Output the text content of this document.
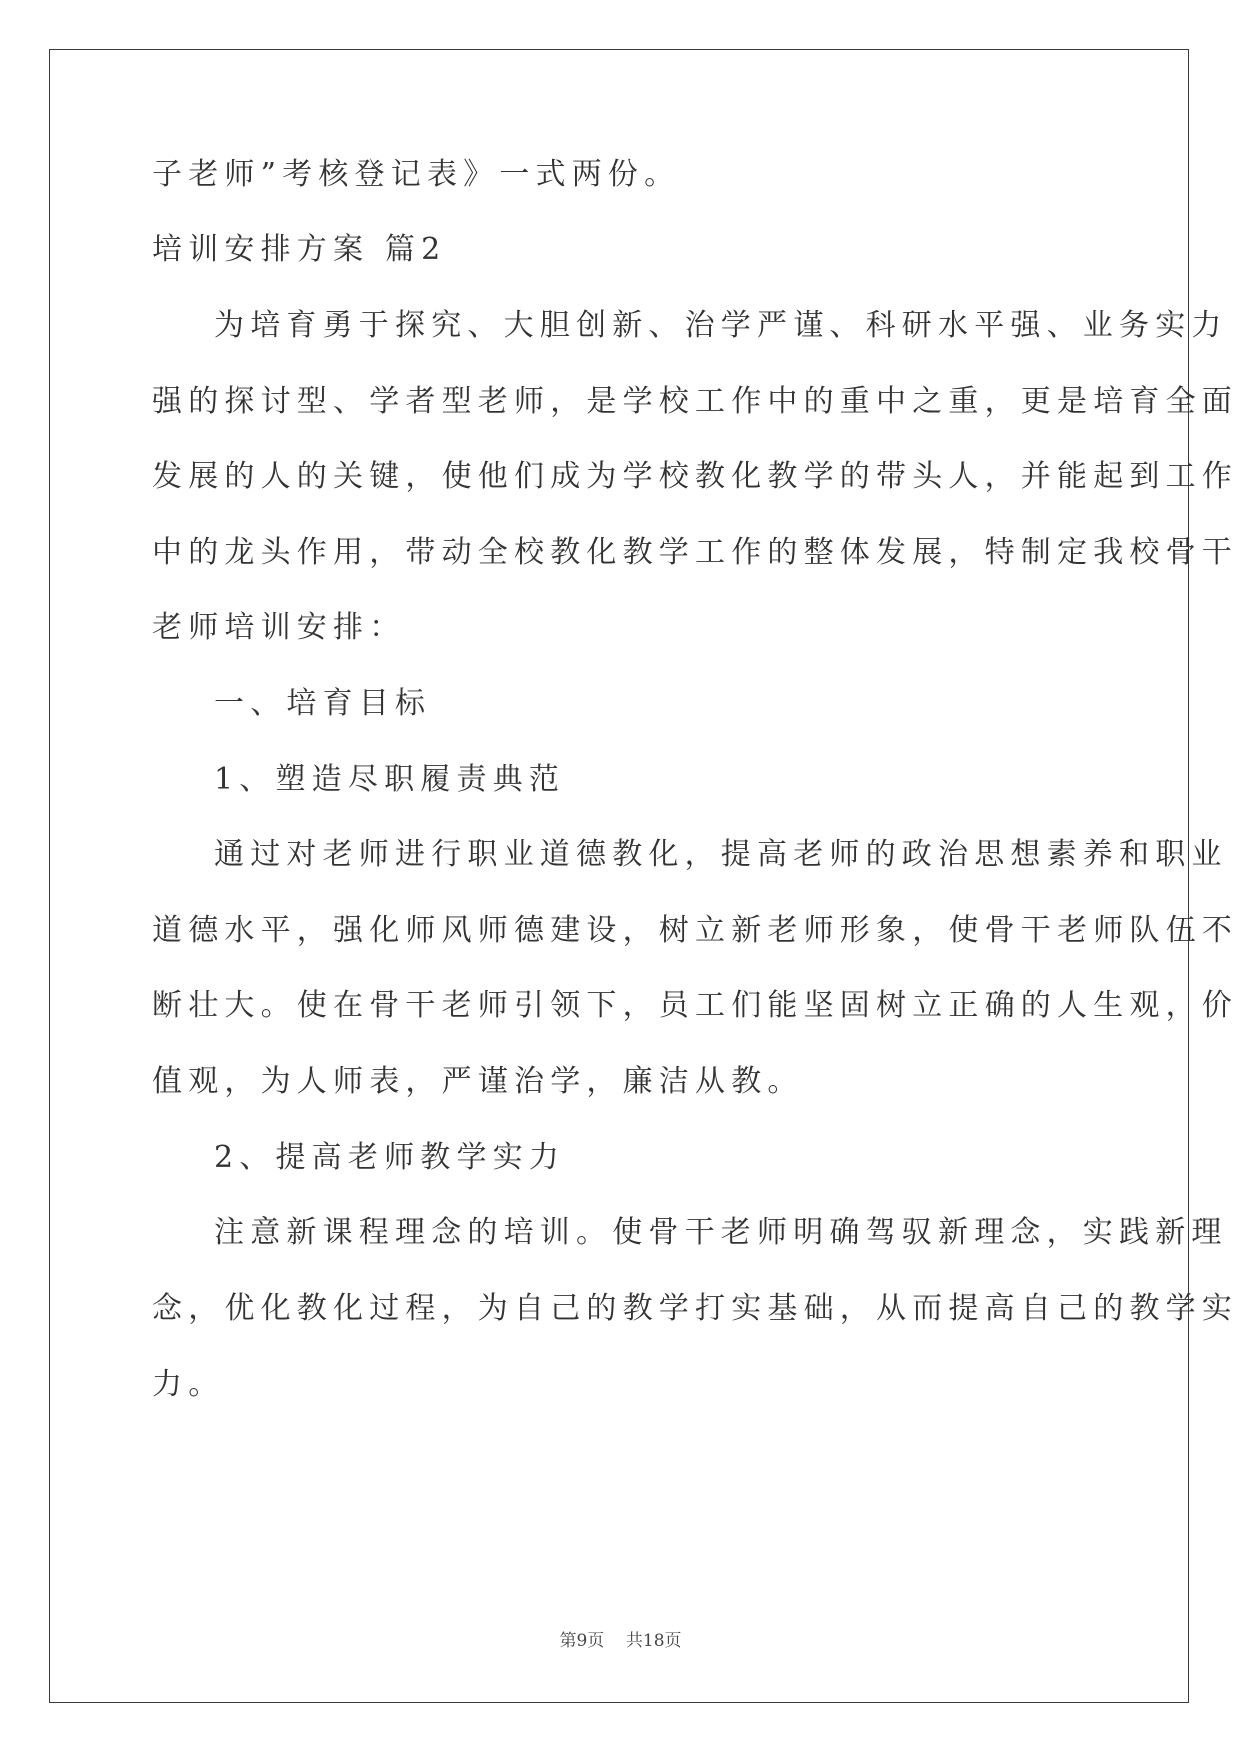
子老师”考核登记表》一式两份。
培训安排方案 篇2
为培育勇于探究、大胆创新、治学严谨、科研水平强、业务实力
强的探讨型、学者型老师，是学校工作中的重中之重，更是培育全面
发展的人的关键，使他们成为学校教化教学的带头人，并能起到工作
中的龙头作用，带动全校教化教学工作的整体发展，特制定我校骨干
老师培训安排：
一、培育目标
1、塑造尽职履责典范
通过对老师进行职业道德教化，提高老师的政治思想素养和职业
道德水平，强化师风师德建设，树立新老师形象，使骨干老师队伍不
断壮大。使在骨干老师引领下，员工们能坚固树立正确的人生观，价
值观，为人师表，严谨治学，廉洁从教。
2、提高老师教学实力
注意新课程理念的培训。使骨干老师明确驾驭新理念，实践新理
念，优化教化过程，为自己的教学打实基础，从而提高自己的教学实
力。
第9页 共18页
